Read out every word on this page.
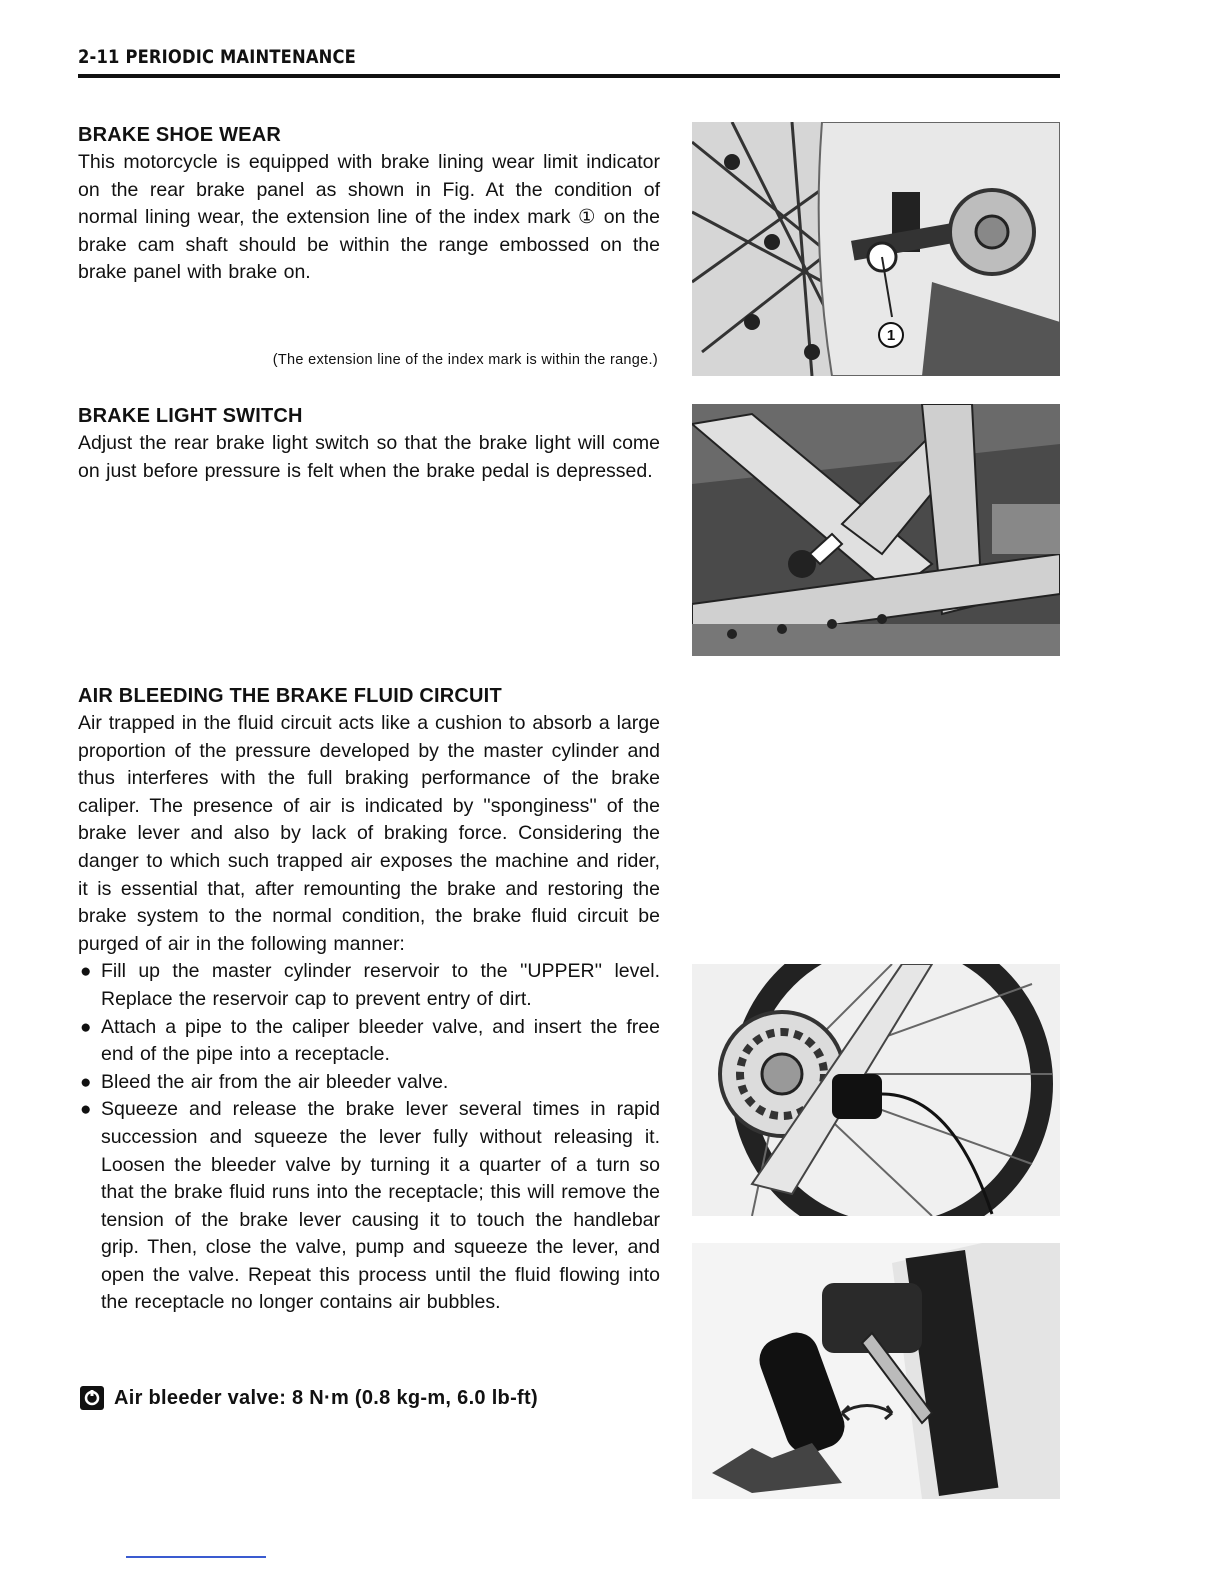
2-11 PERIODIC MAINTENANCE
BRAKE SHOE WEAR

This motorcycle is equipped with brake lining wear limit indicator on the rear brake panel as shown in Fig. At the condition of normal lining wear, the extension line of the index mark ① on the brake cam shaft should be within the range embossed on the brake panel with brake on.

(The extension line of the index mark is within the range.)
BRAKE LIGHT SWITCH

Adjust the rear brake light switch so that the brake light will come on just before pressure is felt when the brake pedal is depressed.

AIR BLEEDING THE BRAKE FLUID CIRCUIT

Air trapped in the fluid circuit acts like a cushion to absorb a large proportion of the pressure developed by the master cylinder and thus interferes with the full braking performance of the brake caliper. The presence of air is indicated by ''sponginess'' of the brake lever and also by lack of braking force. Considering the danger to which such trapped air exposes the machine and rider, it is essential that, after remounting the brake and restoring the brake system to the normal condition, the brake fluid circuit be purged of air in the following manner:

● Fill up the master cylinder reservoir to the ''UPPER'' level. Replace the reservoir cap to prevent entry of dirt.
● Attach a pipe to the caliper bleeder valve, and insert the free end of the pipe into a receptacle.
● Bleed the air from the air bleeder valve.
● Squeeze and release the brake lever several times in rapid succession and squeeze the lever fully without releasing it. Loosen the bleeder valve by turning it a quarter of a turn so that the brake fluid runs into the receptacle; this will remove the tension of the brake lever causing it to touch the handlebar grip. Then, close the valve, pump and squeeze the lever, and open the valve. Repeat this process until the fluid flowing into the receptacle no longer contains air bubbles.
Air bleeder valve: 8 N·m (0.8 kg-m, 6.0 lb-ft)
1
